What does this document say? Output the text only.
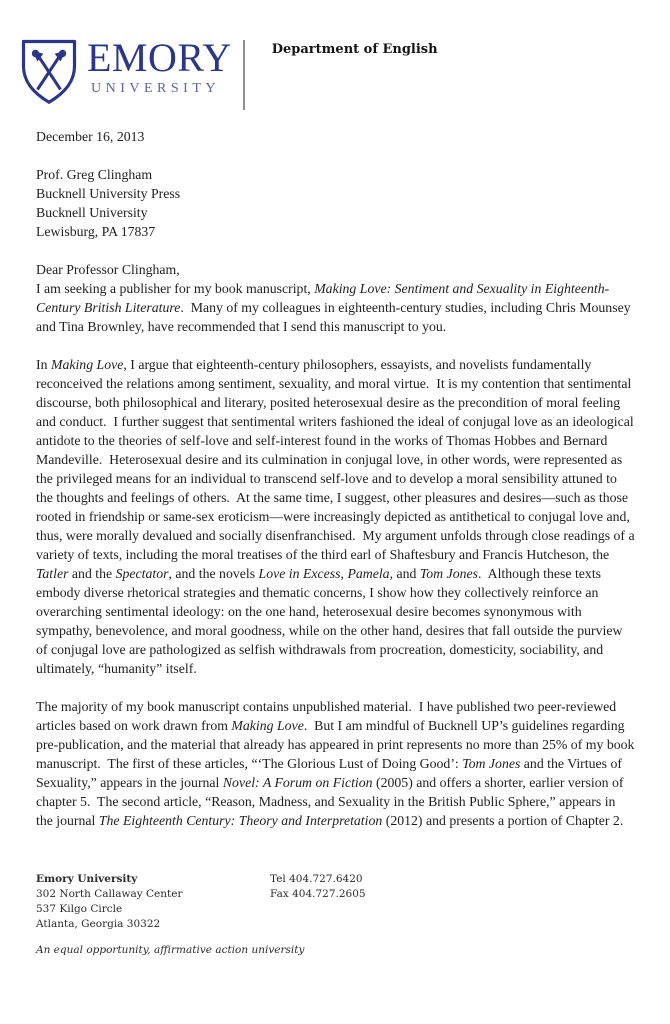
EMORY
UNIVERSITY
Department of English
December 16, 2013
Prof. Greg Clingham
Bucknell University Press
Bucknell University
Lewisburg, PA 17837
Dear Professor Clingham,

I am seeking a publisher for my book manuscript, Making Love: Sentiment and Sexuality in Eighteenth-Century British Literature.  Many of my colleagues in eighteenth-century studies, including Chris Mounsey and Tina Brownley, have recommended that I send this manuscript to you.

In Making Love, I argue that eighteenth-century philosophers, essayists, and novelists fundamentally reconceived the relations among sentiment, sexuality, and moral virtue.  It is my contention that sentimental discourse, both philosophical and literary, posited heterosexual desire as the precondition of moral feeling and conduct.  I further suggest that sentimental writers fashioned the ideal of conjugal love as an ideological antidote to the theories of self-love and self-interest found in the works of Thomas Hobbes and Bernard Mandeville.  Heterosexual desire and its culmination in conjugal love, in other words, were represented as the privileged means for an individual to transcend self-love and to develop a moral sensibility attuned to the thoughts and feelings of others.  At the same time, I suggest, other pleasures and desires—such as those rooted in friendship or same-sex eroticism—were increasingly depicted as antithetical to conjugal love and, thus, were morally devalued and socially disenfranchised.  My argument unfolds through close readings of a variety of texts, including the moral treatises of the third earl of Shaftesbury and Francis Hutcheson, the Tatler and the Spectator, and the novels Love in Excess, Pamela, and Tom Jones.  Although these texts embody diverse rhetorical strategies and thematic concerns, I show how they collectively reinforce an overarching sentimental ideology: on the one hand, heterosexual desire becomes synonymous with sympathy, benevolence, and moral goodness, while on the other hand, desires that fall outside the purview of conjugal love are pathologized as selfish withdrawals from procreation, domesticity, sociability, and ultimately, “humanity” itself.

The majority of my book manuscript contains unpublished material.  I have published two peer-reviewed articles based on work drawn from Making Love.  But I am mindful of Bucknell UP’s guidelines regarding pre-publication, and the material that already has appeared in print represents no more than 25% of my book manuscript.  The first of these articles, “‘The Glorious Lust of Doing Good’: Tom Jones and the Virtues of Sexuality,” appears in the journal Novel: A Forum on Fiction (2005) and offers a shorter, earlier version of chapter 5.  The second article, “Reason, Madness, and Sexuality in the British Public Sphere,” appears in the journal The Eighteenth Century: Theory and Interpretation (2012) and presents a portion of Chapter 2.

Emory University
302 North Callaway Center
537 Kilgo Circle
Atlanta, Georgia 30322
Tel 404.727.6420
Fax 404.727.2605
An equal opportunity, affirmative action university
